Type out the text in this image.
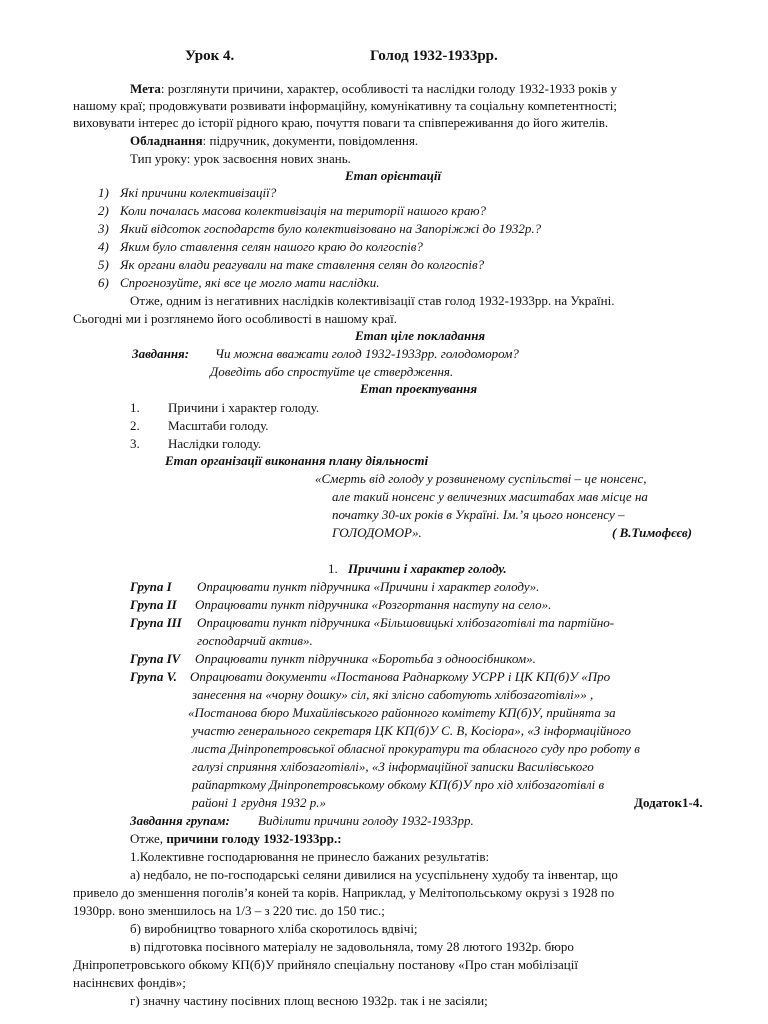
Урок 4.	Голод 1932-1933рр.
Мета: розглянути причини, характер, особливості та наслідки голоду 1932-1933 років у
нашому краї; продовжувати розвивати інформаційну, комунікативну та соціальну компетентності;
виховувати інтерес до історії рідного краю, почуття поваги та співпереживання до його жителів.
Обладнання: підручник, документи, повідомлення.
Тип уроку: урок засвоєння нових знань.
Етап орієнтації
1) Які причини колективізації?
2) Коли почалась масова колективізація на території нашого краю?
3) Який відсоток господарств було колективізовано на Запоріжжі до 1932р.?
4) Яким було ставлення селян нашого краю до колгоспів?
5) Як органи влади реагували на таке ставлення селян до колгоспів?
6) Спрогнозуйте, які все це могло мати наслідки.
Отже, одним із негативних наслідків колективізації став голод 1932-1933рр. на Україні.
Сьогодні ми і розглянемо його особливості в нашому краї.
Етап ціле покладання
Завдання: Чи можна вважати голод 1932-1933рр. голодомором?
Доведіть або спростуйте це ствердження.
Етап проектування
1. Причини і характер голоду.
2. Масштаби голоду.
3. Наслідки голоду.
Етап організації виконання плану діяльності
«Смерть від голоду у розвиненому суспільстві – це нонсенс,
але такий нонсенс у величезних масштабах мав місце на
початку 30-их років в Україні. Ім.’я цього нонсенсу –
ГОЛОДОМОР».	( В.Тимофєєв)
1. Причини і характер голоду.
Група І Опрацювати пункт підручника «Причини і характер голоду».
Група ІІ Опрацювати пункт підручника «Розгортання наступу на село».
Група ІІІ Опрацювати пункт підручника «Більшовицькі хлібозаготівлі та партійно-
господарчий актив».
Група IV Опрацювати пункт підручника «Боротьба з одноосібником».
Група V. Опрацювати документи «Постанова Раднаркому УСРР і ЦК КП(б)У «Про
занесення на «чорну дошку» сіл, які злісно саботують хлібозаготівлі»» ,
«Постанова бюро Михайлівського районного комітету КП(б)У, прийнята за
участю генерального секретаря ЦК КП(б)У С. В, Косіора», «З інформаційного
листа Дніпропетровської обласної прокуратури та обласного суду про роботу в
галузі сприяння хлібозаготівлі», «З інформаційної записки Василівського
райпарткому Дніпропетровському обкому КП(б)У про хід хлібозаготівлі в
районі 1 грудня 1932 р.»	Додаток1-4.
Завдання групам: Виділити причини голоду 1932-1933рр.
Отже, причини голоду 1932-1933рр.:
1.Колективне господарювання не принесло бажаних результатів:
а) недбало, не по-господарські селяни дивилися на усуспільнену худобу та інвентар, що
привело до зменшення поголів’я коней та корів. Наприклад, у Мелітопольському окрузі з 1928 по
1930рр. воно зменшилось на 1/3 – з 220 тис. до 150 тис.;
б) виробництво товарного хліба скоротилось вдвічі;
в) підготовка посівного матеріалу не задовольняла, тому 28 лютого 1932р. бюро
Дніпропетровського обкому КП(б)У прийняло спеціальну постанову «Про стан мобілізації
насіннєвих фондів»;
г) значну частину посівних площ весною 1932р. так і не засіяли;
